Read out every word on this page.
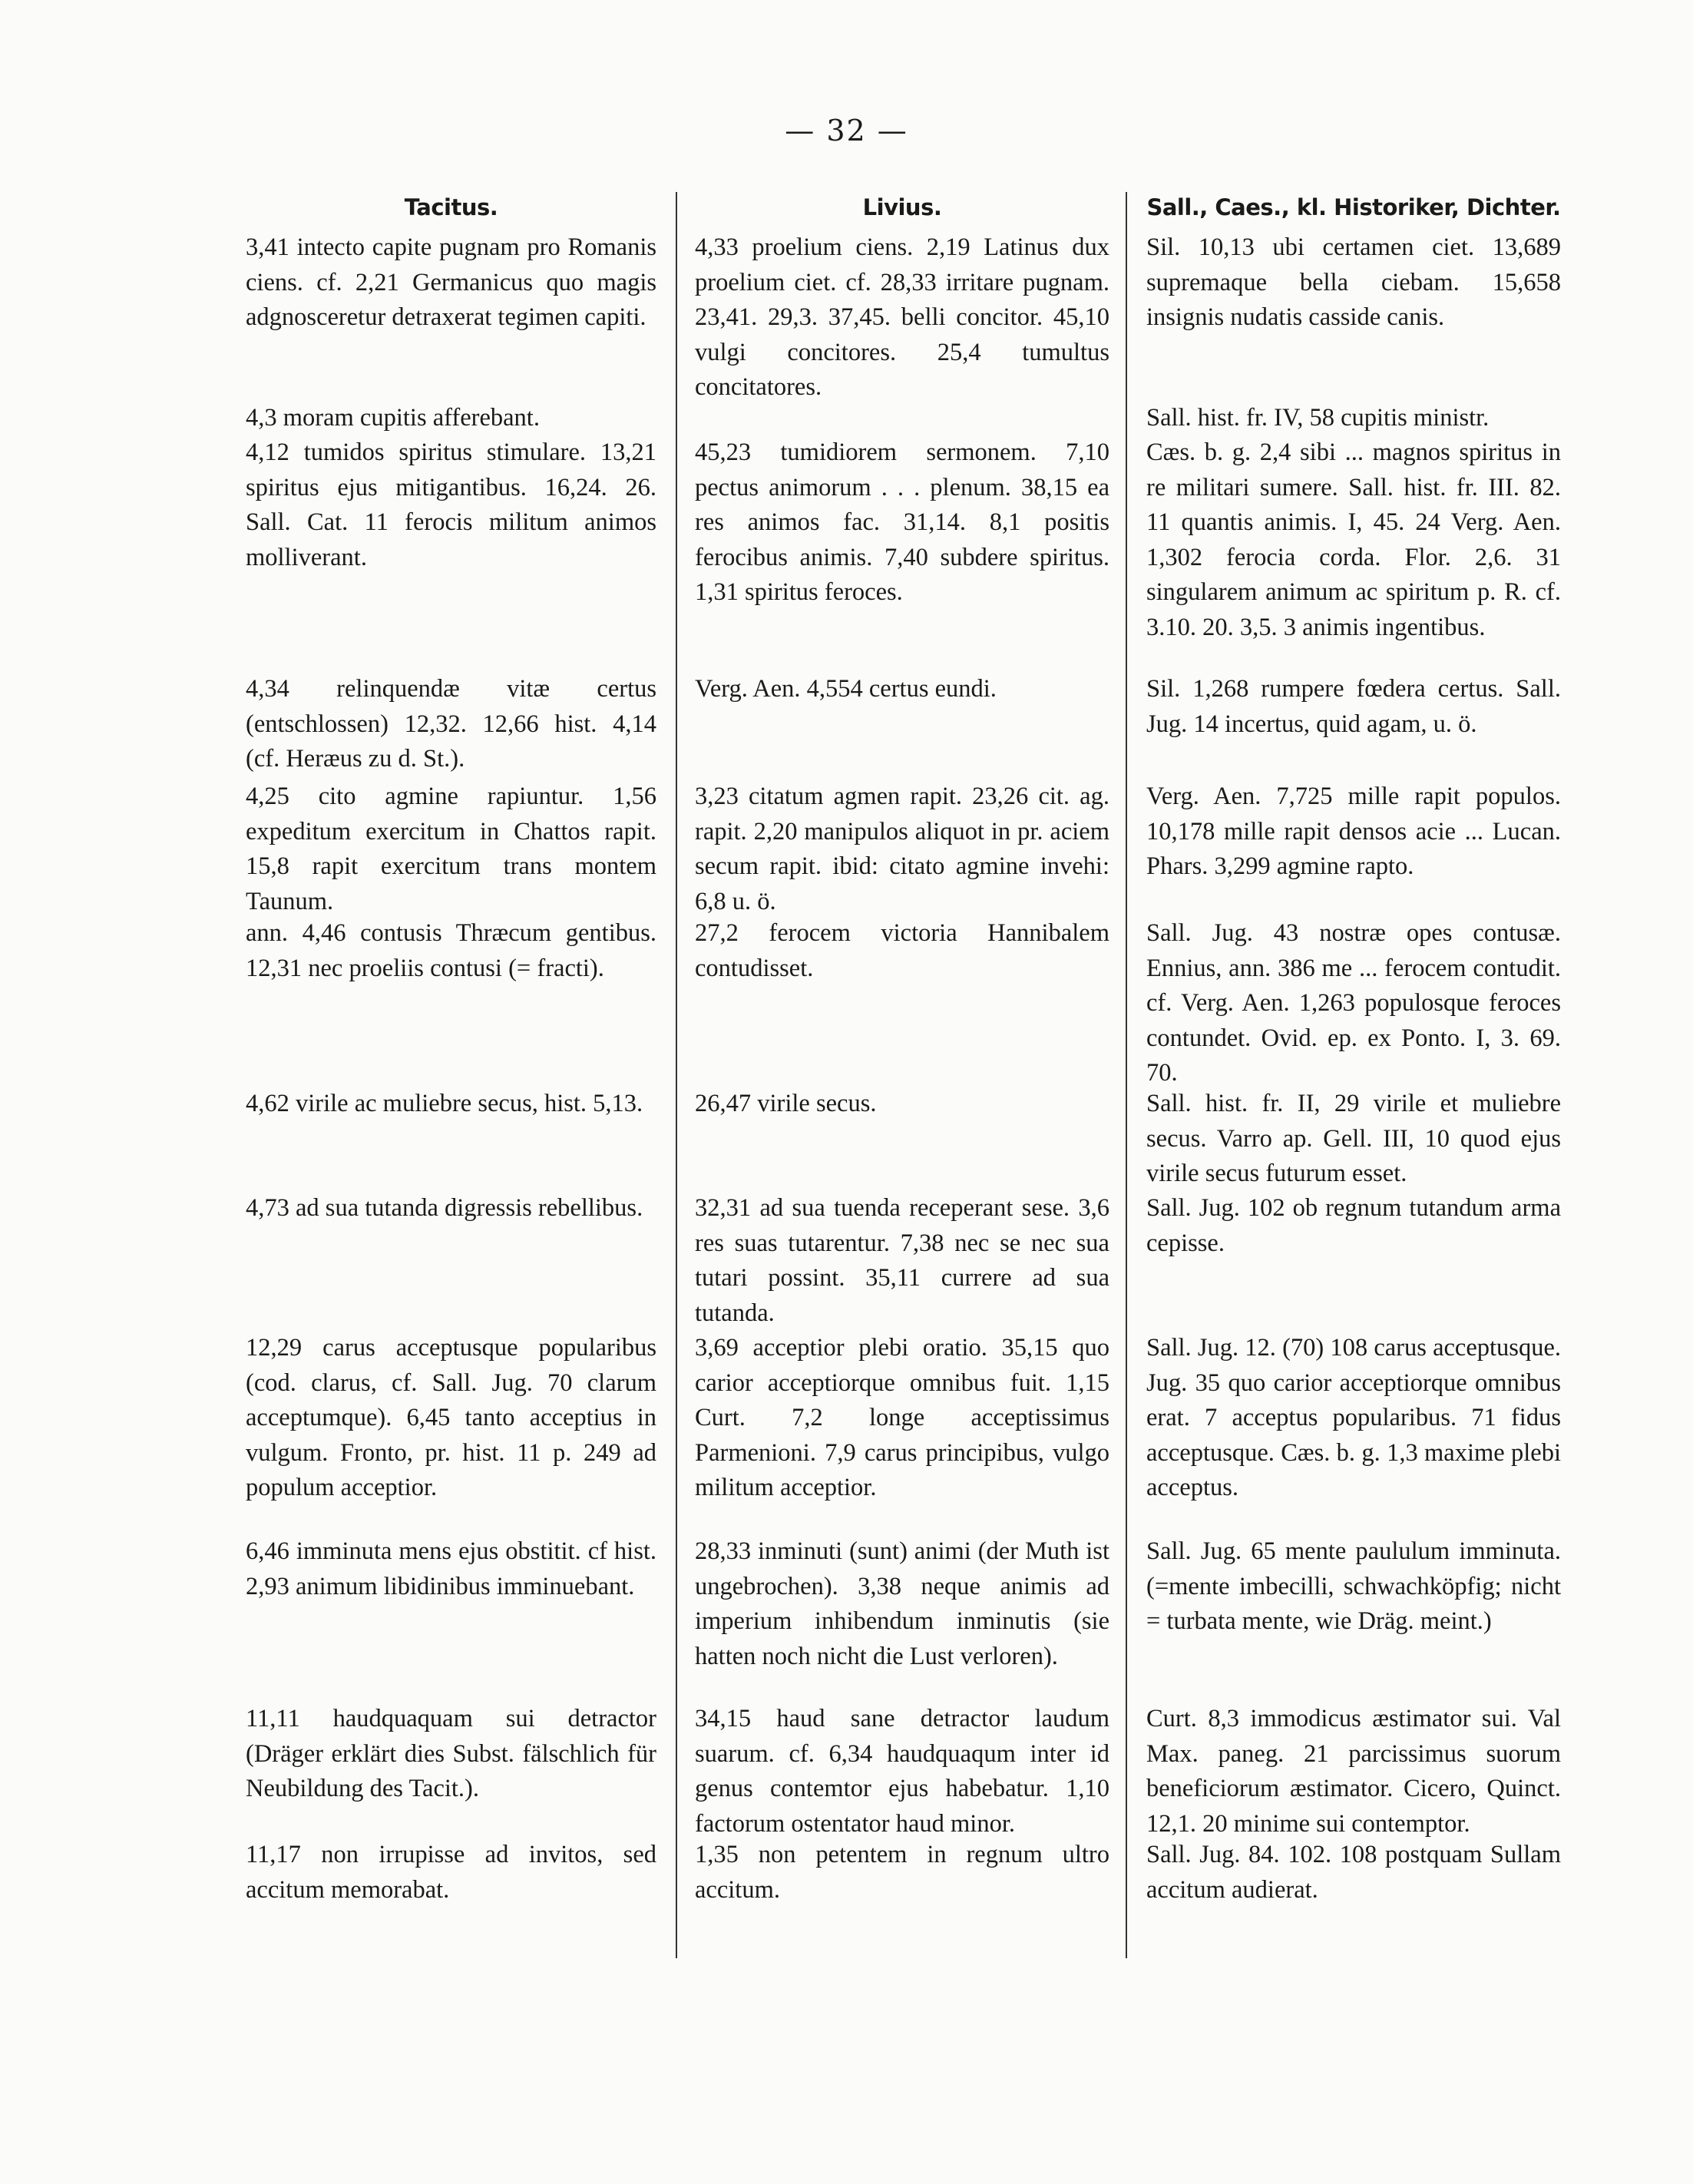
— 32 —
Tacitus.

3,41 intecto capite pugnam pro Romanis ciens. cf. 2,21 Germanicus quo magis adgnosceretur detraxerat tegimen capiti.

4,3 moram cupitis afferebant.

4,12 tumidos spiritus stimulare. 13,21 spiritus ejus mitigantibus. 16,24. 26. Sall. Cat. 11 ferocis militum animos molliverant.

4,34 relinquendæ vitæ certus (entschlossen) 12,32. 12,66 hist. 4,14 (cf. Heræus zu d. St.).

4,25 cito agmine rapiuntur. 1,56 expeditum exercitum in Chattos rapit. 15,8 rapit exercitum trans montem Taunum.

ann. 4,46 contusis Thræcum gentibus. 12,31 nec proeliis contusi (= fracti).

4,62 virile ac muliebre secus, hist. 5,13.

4,73 ad sua tutanda digressis rebellibus.

12,29 carus acceptusque popularibus (cod. clarus, cf. Sall. Jug. 70 clarum acceptumque). 6,45 tanto acceptius in vulgum. Fronto, pr. hist. 11 p. 249 ad populum acceptior.

6,46 imminuta mens ejus obstitit. cf hist. 2,93 animum libidinibus imminuebant.

11,11 haudquaquam sui detractor (Dräger erklärt dies Subst. fälschlich für Neubildung des Tacit.).

11,17 non irrupisse ad invitos, sed accitum memorabat.

Livius.

4,33 proelium ciens. 2,19 Latinus dux proelium ciet. cf. 28,33 irritare pugnam. 23,41. 29,3. 37,45. belli concitor. 45,10 vulgi concitores. 25,4 tumultus concitatores.

45,23 tumidiorem sermonem. 7,10 pectus animorum . . . plenum. 38,15 ea res animos fac. 31,14. 8,1 positis ferocibus animis. 7,40 subdere spiritus. 1,31 spiritus feroces.

Verg. Aen. 4,554 certus eundi.

3,23 citatum agmen rapit. 23,26 cit. ag. rapit. 2,20 manipulos aliquot in pr. aciem secum rapit. ibid: citato agmine invehi: 6,8 u. ö.

27,2 ferocem victoria Hannibalem contudisset.

26,47 virile secus.

32,31 ad sua tuenda receperant sese. 3,6 res suas tutarentur. 7,38 nec se nec sua tutari possint. 35,11 currere ad sua tutanda.

3,69 acceptior plebi oratio. 35,15 quo carior acceptiorque omnibus fuit. 1,15 Curt. 7,2 longe acceptissimus Parmenioni. 7,9 carus principibus, vulgo militum acceptior.

28,33 inminuti (sunt) animi (der Muth ist ungebrochen). 3,38 neque animis ad imperium inhibendum inminutis (sie hatten noch nicht die Lust verloren).

34,15 haud sane detractor laudum suarum. cf. 6,34 haudquaqum inter id genus contemtor ejus habebatur. 1,10 factorum ostentator haud minor.

1,35 non petentem in regnum ultro accitum.

Sall., Caes., kl. Historiker, Dichter.

Sil. 10,13 ubi certamen ciet. 13,689 supremaque bella ciebam. 15,658 insignis nudatis casside canis.

Sall. hist. fr. IV, 58 cupitis ministr.

Cæs. b. g. 2,4 sibi ... magnos spiritus in re militari sumere. Sall. hist. fr. III. 82. 11 quantis animis. I, 45. 24 Verg. Aen. 1,302 ferocia corda. Flor. 2,6. 31 singularem animum ac spiritum p. R. cf. 3.10. 20. 3,5. 3 animis ingentibus.

Sil. 1,268 rumpere fœdera certus. Sall. Jug. 14 incertus, quid agam, u. ö.

Verg. Aen. 7,725 mille rapit populos. 10,178 mille rapit densos acie ... Lucan. Phars. 3,299 agmine rapto.

Sall. Jug. 43 nostræ opes contusæ. Ennius, ann. 386 me ... ferocem contudit. cf. Verg. Aen. 1,263 populosque feroces contundet. Ovid. ep. ex Ponto. I, 3. 69. 70.

Sall. hist. fr. II, 29 virile et muliebre secus. Varro ap. Gell. III, 10 quod ejus virile secus futurum esset.

Sall. Jug. 102 ob regnum tutandum arma cepisse.

Sall. Jug. 12. (70) 108 carus acceptusque. Jug. 35 quo carior acceptiorque omnibus erat. 7 acceptus popularibus. 71 fidus acceptusque. Cæs. b. g. 1,3 maxime plebi acceptus.

Sall. Jug. 65 mente paululum imminuta.(=mente imbecilli, schwachköpfig; nicht = turbata mente, wie Dräg. meint.)

Curt. 8,3 immodicus æstimator sui. Val Max. paneg. 21 parcissimus suorum beneficiorum æstimator. Cicero, Quinct. 12,1. 20 minime sui contemptor.

Sall. Jug. 84. 102. 108 postquam Sullam accitum audierat.
